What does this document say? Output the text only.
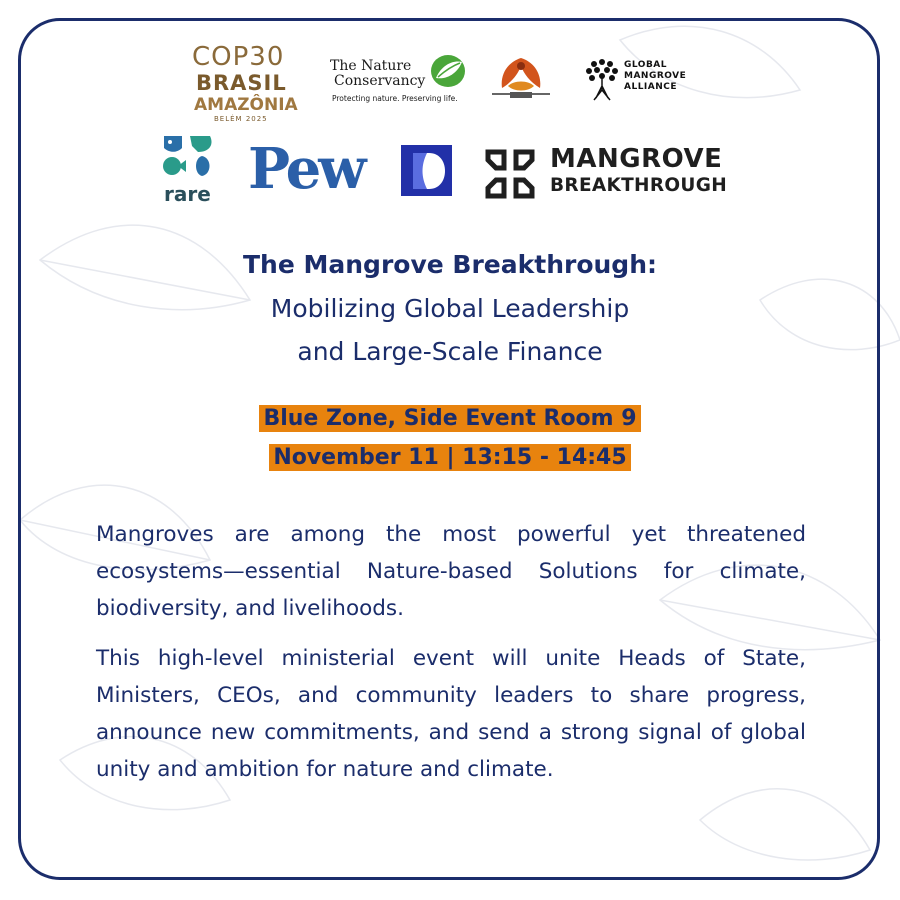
COP30
BRASIL
AMAZÔNIA
BELÉM 2025
The Nature
Conservancy
Protecting nature. Preserving life.
GLOBAL
MANGROVE
ALLIANCE
rare Pew	MANGROVE
BREAKTHROUGH
The Mangrove Breakthrough:
Mobilizing Global Leadership
and Large-Scale Finance
Blue Zone, Side Event Room 9
November 11 | 13:15 - 14:45

Mangroves are among the most powerful yet threatened ecosystems—essential Nature-based Solutions for climate, biodiversity, and livelihoods.

This high-level ministerial event will unite Heads of State, Ministers, CEOs, and community leaders to share progress, announce new commitments, and send a strong signal of global unity and ambition for nature and climate.
